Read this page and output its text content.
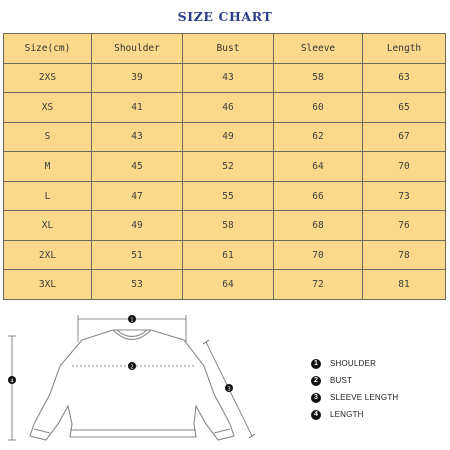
SIZE CHART
Size(cm)	Shoulder	Bust	Sleeve	Length
2XS	39	43	58	63
XS	41	46	60	65
S	43	49	62	67
M	45	52	64	70
L	47	55	66	73
XL	49	58	68	76
2XL	51	61	70	78
3XL	53	64	72	81
1
2
3
4
1	SHOULDER
2	BUST
3	SLEEVE LENGTH
4	LENGTH
